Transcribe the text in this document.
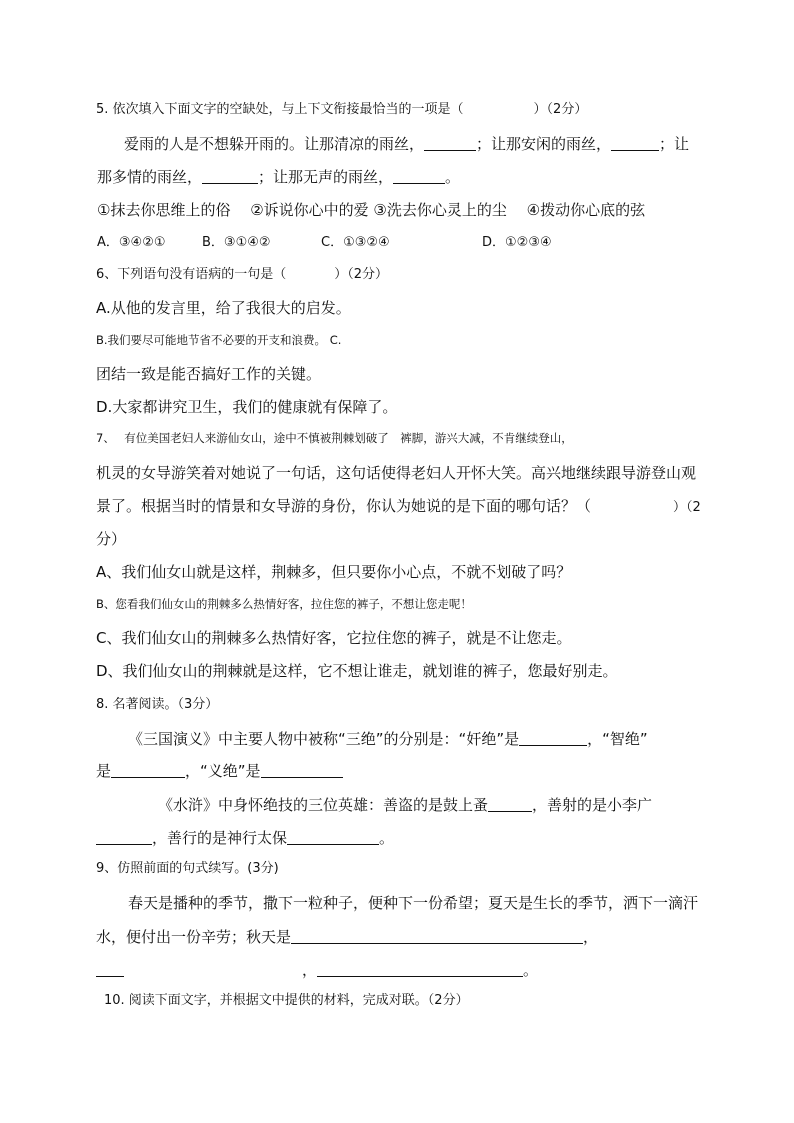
5. 依次填入下面文字的空缺处，与上下文衔接最恰当的一项是（	）（2分）
爱雨的人是不想躲开雨的。让那清凉的雨丝，	；让那安闲的雨丝，	；让
那多情的雨丝，	；让那无声的雨丝，	。
①抹去你思维上的俗　 ②诉说你心中的爱 ③洗去你心灵上的尘　 ④拨动你心底的弦
A．③④②①	B．③①④②	C．①③②④	D．①②③④
6、下列语句没有语病的一句是（	）（2分）
A.从他的发言里，给了我很大的启发。
B.我们要尽可能地节省不必要的开支和浪费。 C.
团结一致是能否搞好工作的关键。
D.大家都讲究卫生，我们的健康就有保障了。
7、　 有位美国老妇人来游仙女山，途中不慎被荆棘划破了　裤脚，游兴大减，不肯继续登山，
机灵的女导游笑着对她说了一句话，这句话使得老妇人开怀大笑。高兴地继续跟导游登山观
景了。根据当时的情景和女导游的身份，你认为她说的是下面的哪句话？（	）（2
分）
A、我们仙女山就是这样，荆棘多，但只要你小心点，不就不划破了吗？
B、您看我们仙女山的荆棘多么热情好客，拉住您的裤子，不想让您走呢！
C、我们仙女山的荆棘多么热情好客，它拉住您的裤子，就是不让您走。
D、我们仙女山的荆棘就是这样，它不想让谁走，就划谁的裤子，您最好别走。
8. 名著阅读。（3分）
《三国演义》中主要人物中被称“三绝”的分别是：“奸绝”是	，“智绝”
是	，“义绝”是
《水浒》中身怀绝技的三位英雄：善盗的是鼓上蚤	，善射的是小李广
，善行的是神行太保	。
9、仿照前面的句式续写。(3分)
春天是播种的季节，撒下一粒种子，便种下一份希望；夏天是生长的季节，洒下一滴汗
水，便付出一份辛劳；秋天是	，
，	。
10. 阅读下面文字，并根据文中提供的材料，完成对联。（2分）
